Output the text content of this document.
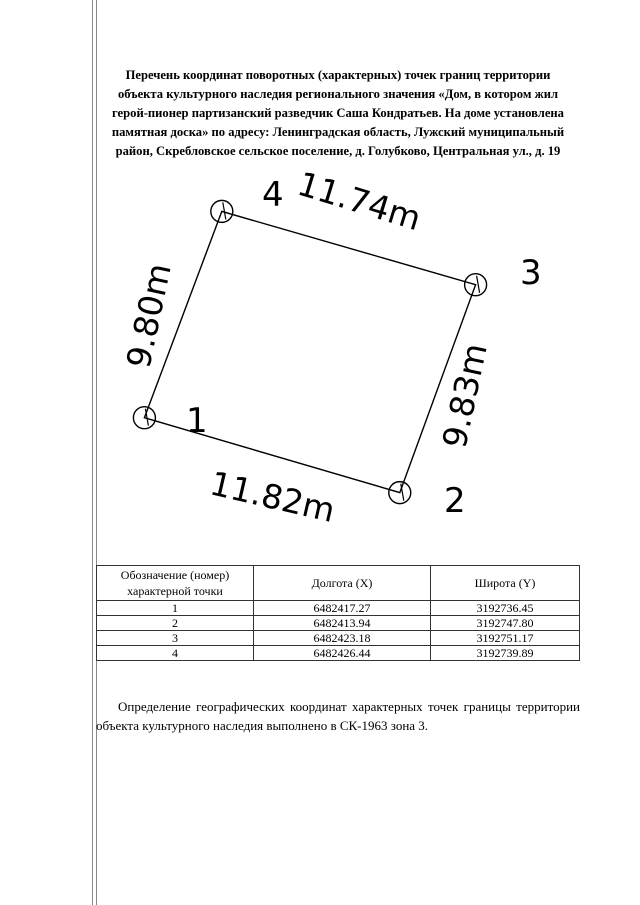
Перечень координат поворотных (характерных) точек границ территории
объекта культурного наследия регионального значения «Дом, в котором жил
герой-пионер партизанский разведчик Саша Кондратьев. На доме установлена
памятная доска» по адресу: Ленинградская область, Лужский муниципальный
район, Скребловское сельское поселение, д. Голубково, Центральная ул., д. 19
1
2
3
4
11.82m
9.83m
11.74m
9.80m
Обозначение (номер) характерной точки	Долгота (X)	Широта (Y)
1	6482417.27	3192736.45
2	6482413.94	3192747.80
3	6482423.18	3192751.17
4	6482426.44	3192739.89

Определение географических координат характерных точек границы территории объекта культурного наследия выполнено в СК-1963 зона 3.
